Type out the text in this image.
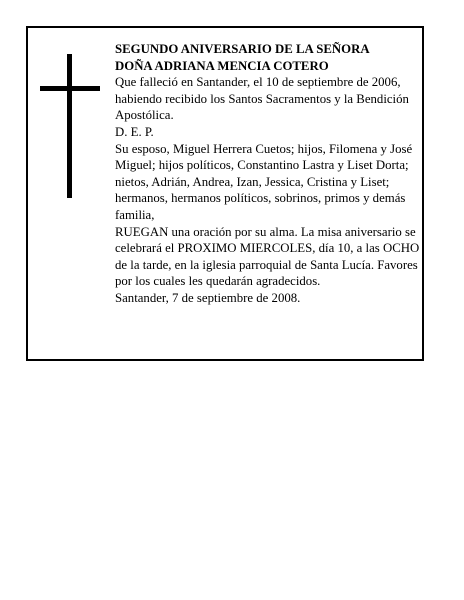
SEGUNDO ANIVERSARIO DE LA SEÑORA

DOÑA ADRIANA MENCIA COTERO

Que falleció en Santander, el 10 de septiembre de 2006, habiendo recibido los Santos Sacramentos y la Bendición Apostólica.

D. E. P.

Su esposo, Miguel Herrera Cuetos; hijos, Filomena y José Miguel; hijos políticos, Constantino Lastra y Liset Dorta; nietos, Adrián, Andrea, Izan, Jessica, Cristina y Liset; hermanos, hermanos políticos, sobrinos, primos y demás familia,

RUEGAN una oración por su alma. La misa aniversario se celebrará el PROXIMO MIERCOLES, día 10, a las OCHO de la tarde, en la iglesia parroquial de Santa Lucía. Favores por los cuales les quedarán agradecidos.

Santander, 7 de septiembre de 2008.
